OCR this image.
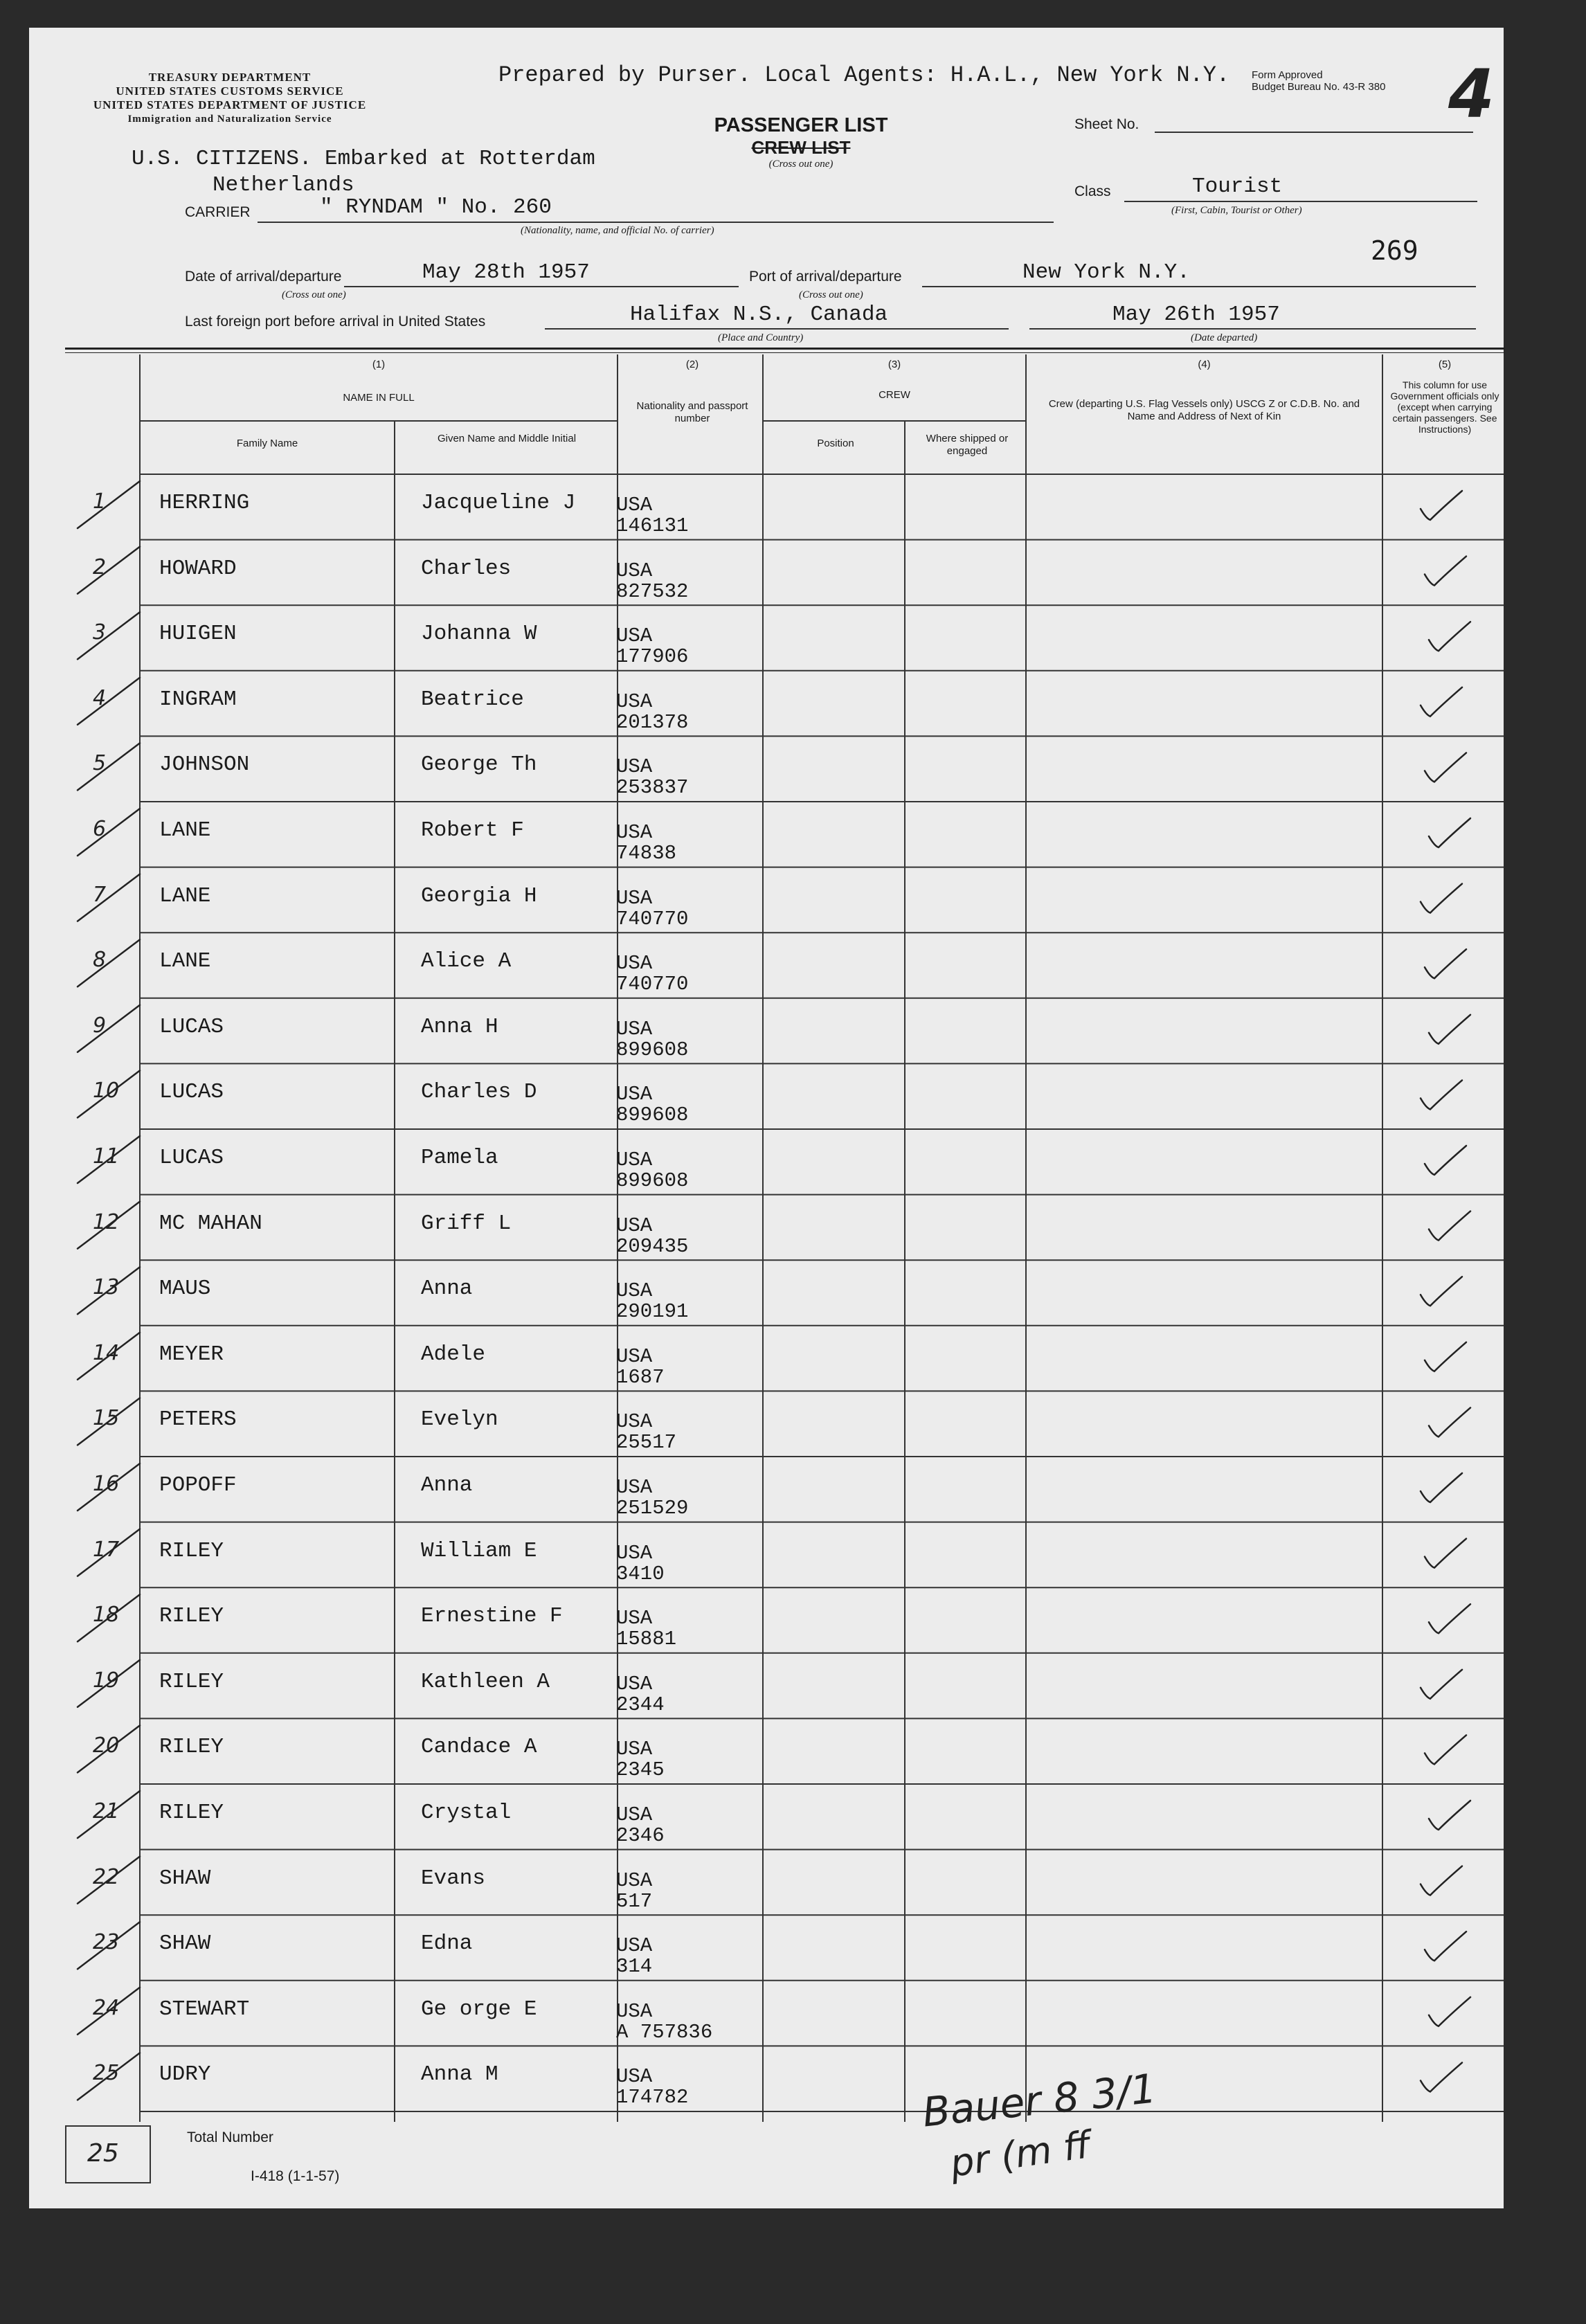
TREASURY DEPARTMENT
UNITED STATES CUSTOMS SERVICE
UNITED STATES DEPARTMENT OF JUSTICE
Immigration and Naturalization Service
Prepared by Purser. Local Agents: H.A.L., New York N.Y. Form Approved
Budget Bureau No. 43-R 380 4
PASSENGER LIST
CREW LIST
(Cross out one)
Sheet No.
U.S. CITIZENS. Embarked at Rotterdam
Netherlands
CARRIER	" RYNDAM " No. 260
(Nationality, name, and official No. of carrier)
Class	Tourist
(First, Cabin, Tourist or Other)
269
Date of arrival/departure	May 28th 1957
(Cross out one)
Port of arrival/departure	New York N.Y.
(Cross out one)
Last foreign port before arrival in United States	Halifax N.S., Canada
(Place and Country)
May 26th 1957
(Date departed)
(1)
NAME IN FULL
Family Name	Given Name and Middle Initial
(2)
Nationality and passport number
(3)
CREW
Position	Where shipped or engaged
(4)
Crew (departing U.S. Flag Vessels only) USCG Z or C.D.B. No. and Name and Address of Next of Kin
(5)
This column for use Government officials only (except when carrying certain passengers. See Instructions)
1 HERRING	Jacqueline J USA
146131
2 HOWARD	Charles	USA
827532
3 HUIGEN	Johanna W	USA
177906
4 INGRAM	Beatrice	USA
201378
5 JOHNSON	George Th	USA
253837
6 LANE	Robert F	USA
74838
7 LANE	Georgia H	USA
740770
8 LANE	Alice A	USA
740770
9 LUCAS	Anna H	USA
899608
10 LUCAS	Charles D	USA
899608
11 LUCAS	Pamela	USA
899608
12 MC MAHAN	Griff L	USA
209435
13 MAUS	Anna	USA
290191
14 MEYER	Adele	USA
1687
15 PETERS	Evelyn	USA
25517
16 POPOFF	Anna	USA
251529
17 RILEY	William E	USA
3410
18 RILEY	Ernestine F	USA
15881
19 RILEY	Kathleen A	USA
2344
20 RILEY	Candace A	USA
2345
21 RILEY	Crystal	USA
2346
22 SHAW	Evans	USA
517
23 SHAW	Edna	USA
314
24 STEWART	Ge orge E	USA
A 757836
25 UDRY	Anna M	USA
174782
25
Total Number
I-418 (1-1-57)
Bauer 8 3/1
pr (m ff
